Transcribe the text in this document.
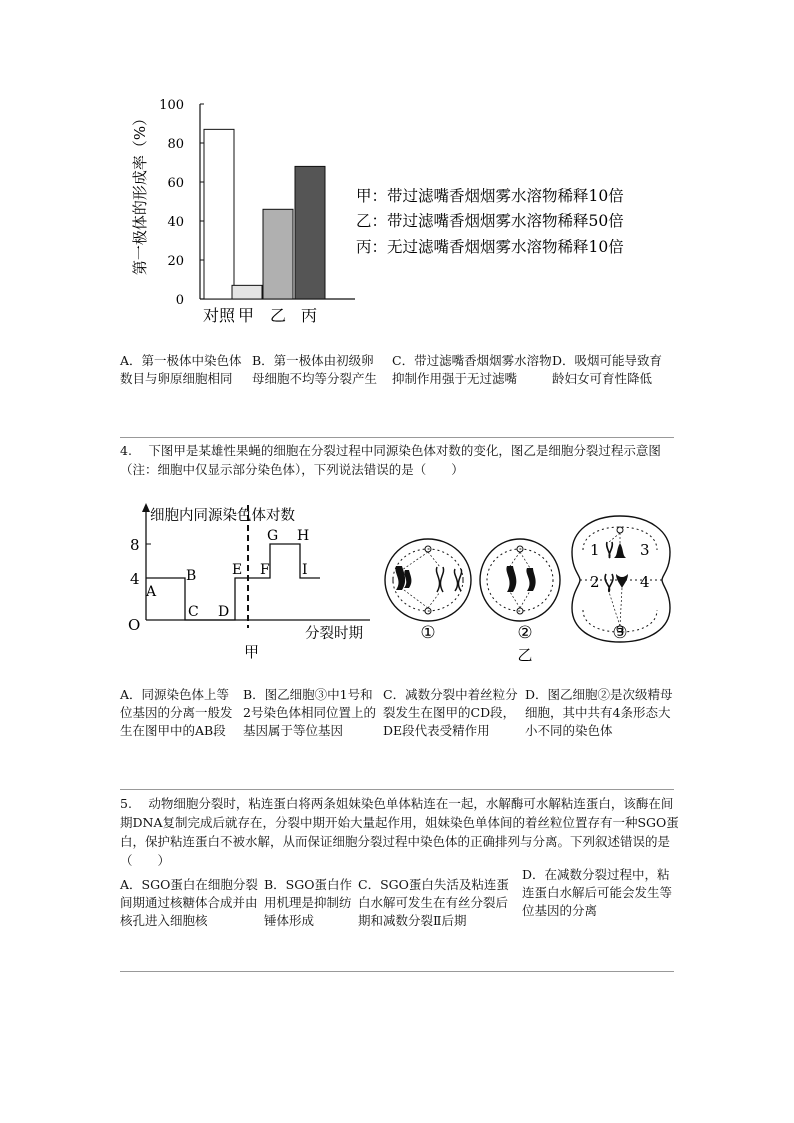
0
20
40
60
80
100
对照 甲 乙 丙
第一极体的形成率（%）	甲：带过滤嘴香烟烟雾水溶物稀释10倍
乙：带过滤嘴香烟烟雾水溶物稀释50倍
丙：无过滤嘴香烟烟雾水溶物稀释10倍
A．第一极体中染色体数目与卵原细胞相同
B．第一极体由初级卵母细胞不均等分裂产生
C．带过滤嘴香烟烟雾水溶物抑制作用强于无过滤嘴
D．吸烟可能导致育龄妇女可育性降低
4.　 下图甲是某雄性果蝇的细胞在分裂过程中同源染色体对数的变化，图乙是细胞分裂过程示意图（注：细胞中仅显示部分染色体），下列说法错误的是（　　）
细胞内同源染色体对数
8
4
O
A
B
C D
E F
G H
I
分裂时期
甲
1	3
2	4
①	②	③
乙
A．同源染色体上等位基因的分离一般发生在图甲中的AB段
B．图乙细胞③中1号和2号染色体相同位置上的基因属于等位基因
C．减数分裂中着丝粒分裂发生在图甲的CD段，DE段代表受精作用
D．图乙细胞②是次级精母细胞，其中共有4条形态大小不同的染色体
5.　 动物细胞分裂时，粘连蛋白将两条姐妹染色单体粘连在一起，水解酶可水解粘连蛋白，该酶在间期DNA复制完成后就存在，分裂中期开始大量起作用，姐妹染色单体间的着丝粒位置存有一种SGO蛋白，保护粘连蛋白不被水解，从而保证细胞分裂过程中染色体的正确排列与分离。下列叙述错误的是（　　）
A．SGO蛋白在细胞分裂间期通过核糖体合成并由核孔进入细胞核
B．SGO蛋白作用机理是抑制纺锤体形成
C．SGO蛋白失活及粘连蛋白水解可发生在有丝分裂后期和减数分裂Ⅱ后期
D．在减数分裂过程中，粘连蛋白水解后可能会发生等位基因的分离
